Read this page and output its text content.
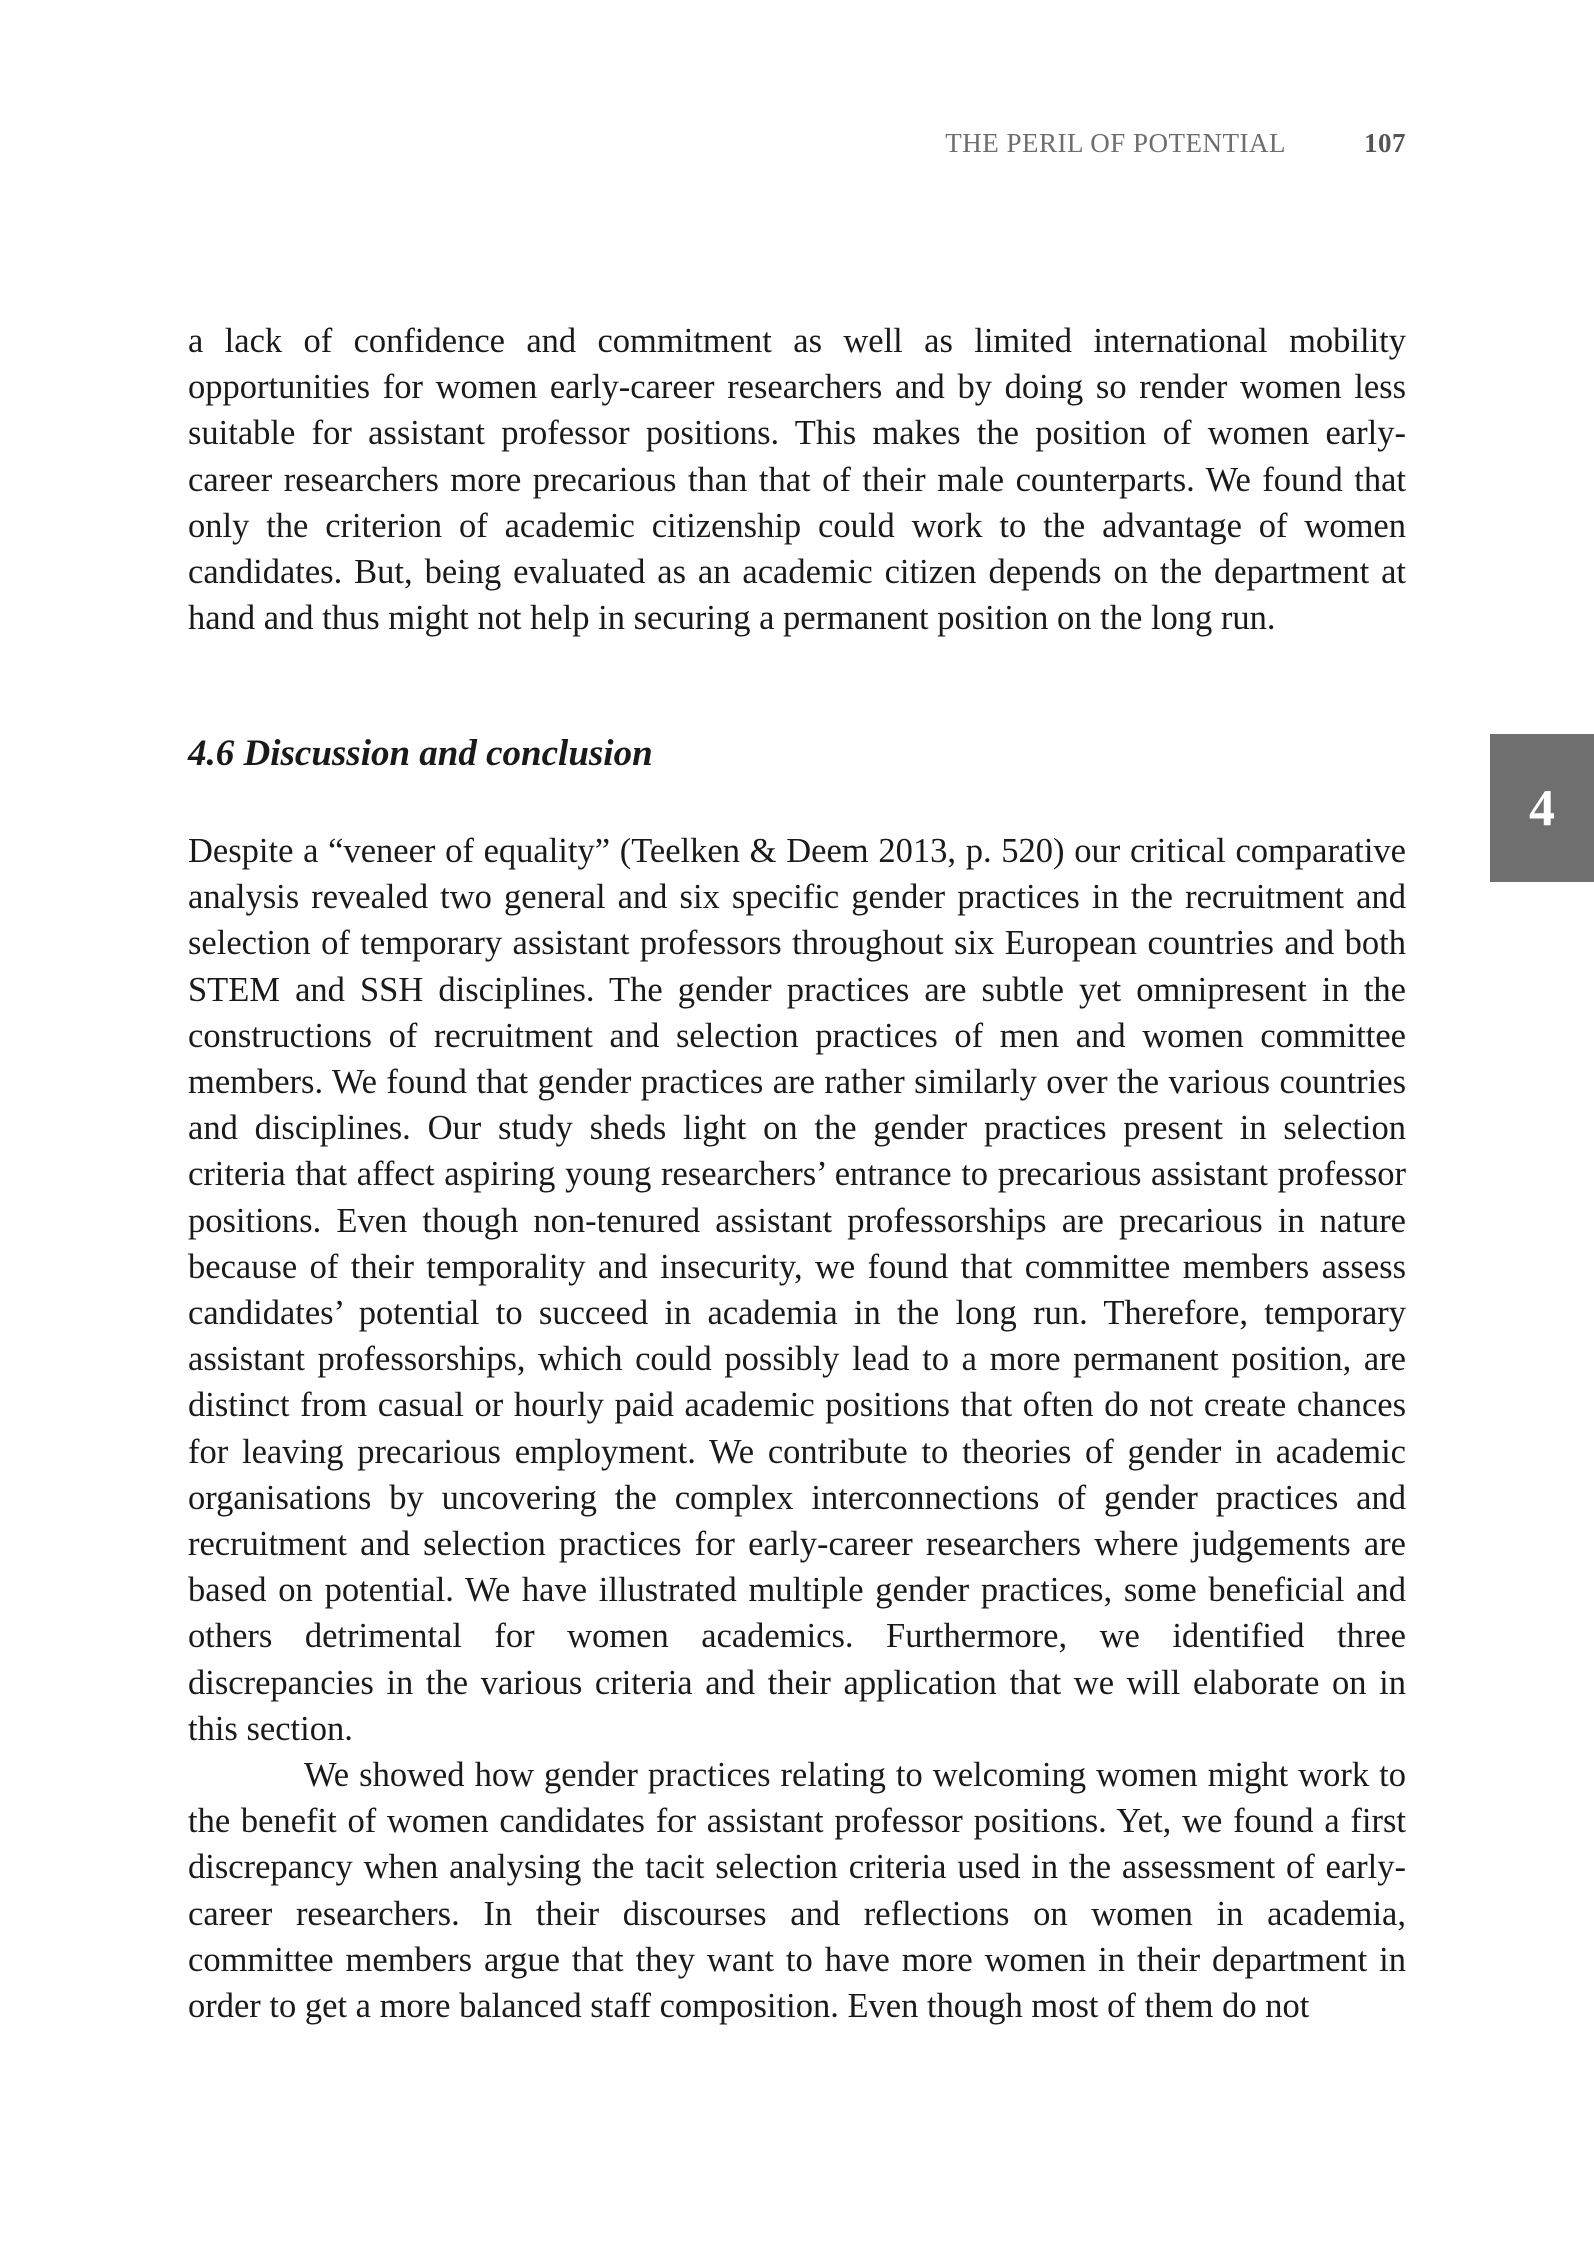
THE PERIL OF POTENTIAL	107

a lack of confidence and commitment as well as limited international mobility opportunities for women early-career researchers and by doing so render women less suitable for assistant professor positions. This makes the position of women early-career researchers more precarious than that of their male counterparts. We found that only the criterion of academic citizenship could work to the advantage of women candidates. But, being evaluated as an academic citizen depends on the department at hand and thus might not help in securing a permanent position on the long run.

4.6 Discussion and conclusion
4

Despite a “veneer of equality” (Teelken & Deem 2013, p. 520) our critical comparative analysis revealed two general and six specific gender practices in the recruitment and selection of temporary assistant professors throughout six European countries and both STEM and SSH disciplines. The gender practices are subtle yet omnipresent in the constructions of recruitment and selection practices of men and women committee members. We found that gender practices are rather similarly over the various countries and disciplines. Our study sheds light on the gender practices present in selection criteria that affect aspiring young researchers’ entrance to precarious assistant professor positions. Even though non-tenured assistant professorships are precarious in nature because of their temporality and insecurity, we found that committee members assess candidates’ potential to succeed in academia in the long run. Therefore, temporary assistant professorships, which could possibly lead to a more permanent position, are distinct from casual or hourly paid academic positions that often do not create chances for leaving precarious employment. We contribute to theories of gender in academic organisations by uncovering the complex interconnections of gender practices and recruitment and selection practices for early-career researchers where judgements are based on potential. We have illustrated multiple gender practices, some beneficial and others detrimental for women academics. Furthermore, we identified three discrepancies in the various criteria and their application that we will elaborate on in this section.

We showed how gender practices relating to welcoming women might work to the benefit of women candidates for assistant professor positions. Yet, we found a first discrepancy when analysing the tacit selection criteria used in the assessment of early-career researchers. In their discourses and reflections on women in academia, committee members argue that they want to have more women in their department in order to get a more balanced staff composition. Even though most of them do not
